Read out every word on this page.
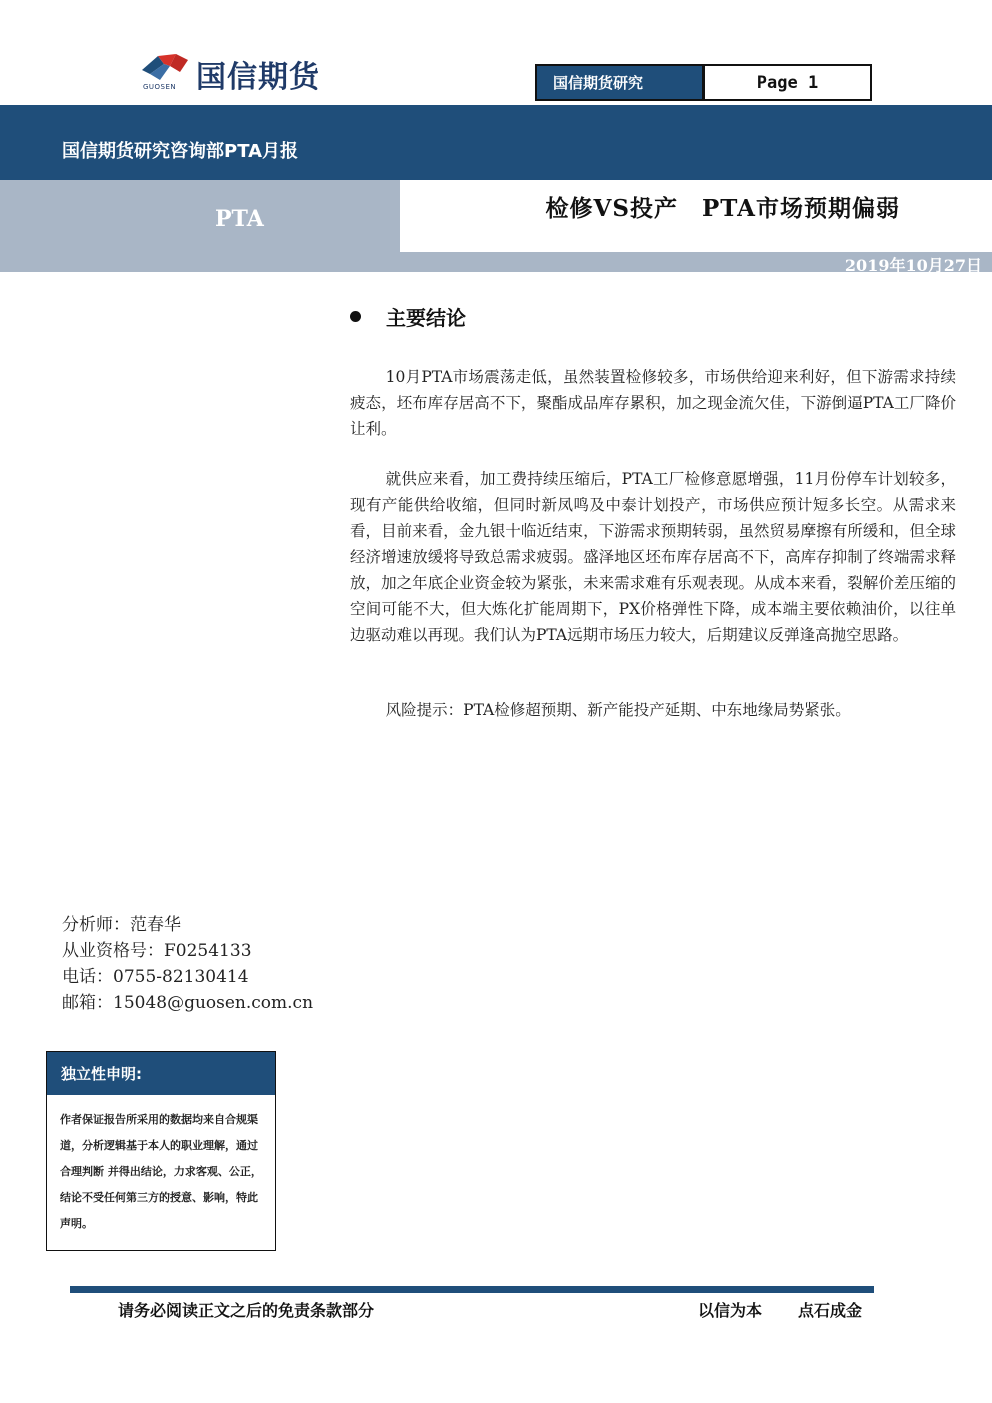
国信期货
GUOSEN	国信期货研究	Page 1
国信期货研究咨询部PTA月报
PTA	检修VS投产　PTA市场预期偏弱
2019年10月27日
主要结论

10月PTA市场震荡走低，虽然装置检修较多，市场供给迎来利好，但下游需求持续疲态，坯布库存居高不下，聚酯成品库存累积，加之现金流欠佳，下游倒逼PTA工厂降价让利。

就供应来看，加工费持续压缩后，PTA工厂检修意愿增强，11月份停车计划较多，现有产能供给收缩，但同时新凤鸣及中泰计划投产，市场供应预计短多长空。从需求来看，目前来看，金九银十临近结束，下游需求预期转弱，虽然贸易摩擦有所缓和，但全球经济增速放缓将导致总需求疲弱。盛泽地区坯布库存居高不下，高库存抑制了终端需求释放，加之年底企业资金较为紧张，未来需求难有乐观表现。从成本来看，裂解价差压缩的空间可能不大，但大炼化扩能周期下，PX价格弹性下降，成本端主要依赖油价，以往单边驱动难以再现。我们认为PTA远期市场压力较大，后期建议反弹逢高抛空思路。

风险提示：PTA检修超预期、新产能投产延期、中东地缘局势紧张。

分析师：范春华
从业资格号：F0254133
电话：0755-82130414
邮箱：15048@guosen.com.cn
独立性申明:
作者保证报告所采用的数据均来自合规渠道，分析逻辑基于本人的职业理解，通过合理判断 并得出结论，力求客观、公正，结论不受任何第三方的授意、影响，特此声明。
请务必阅读正文之后的免责条款部分	以信为本 点石成金
